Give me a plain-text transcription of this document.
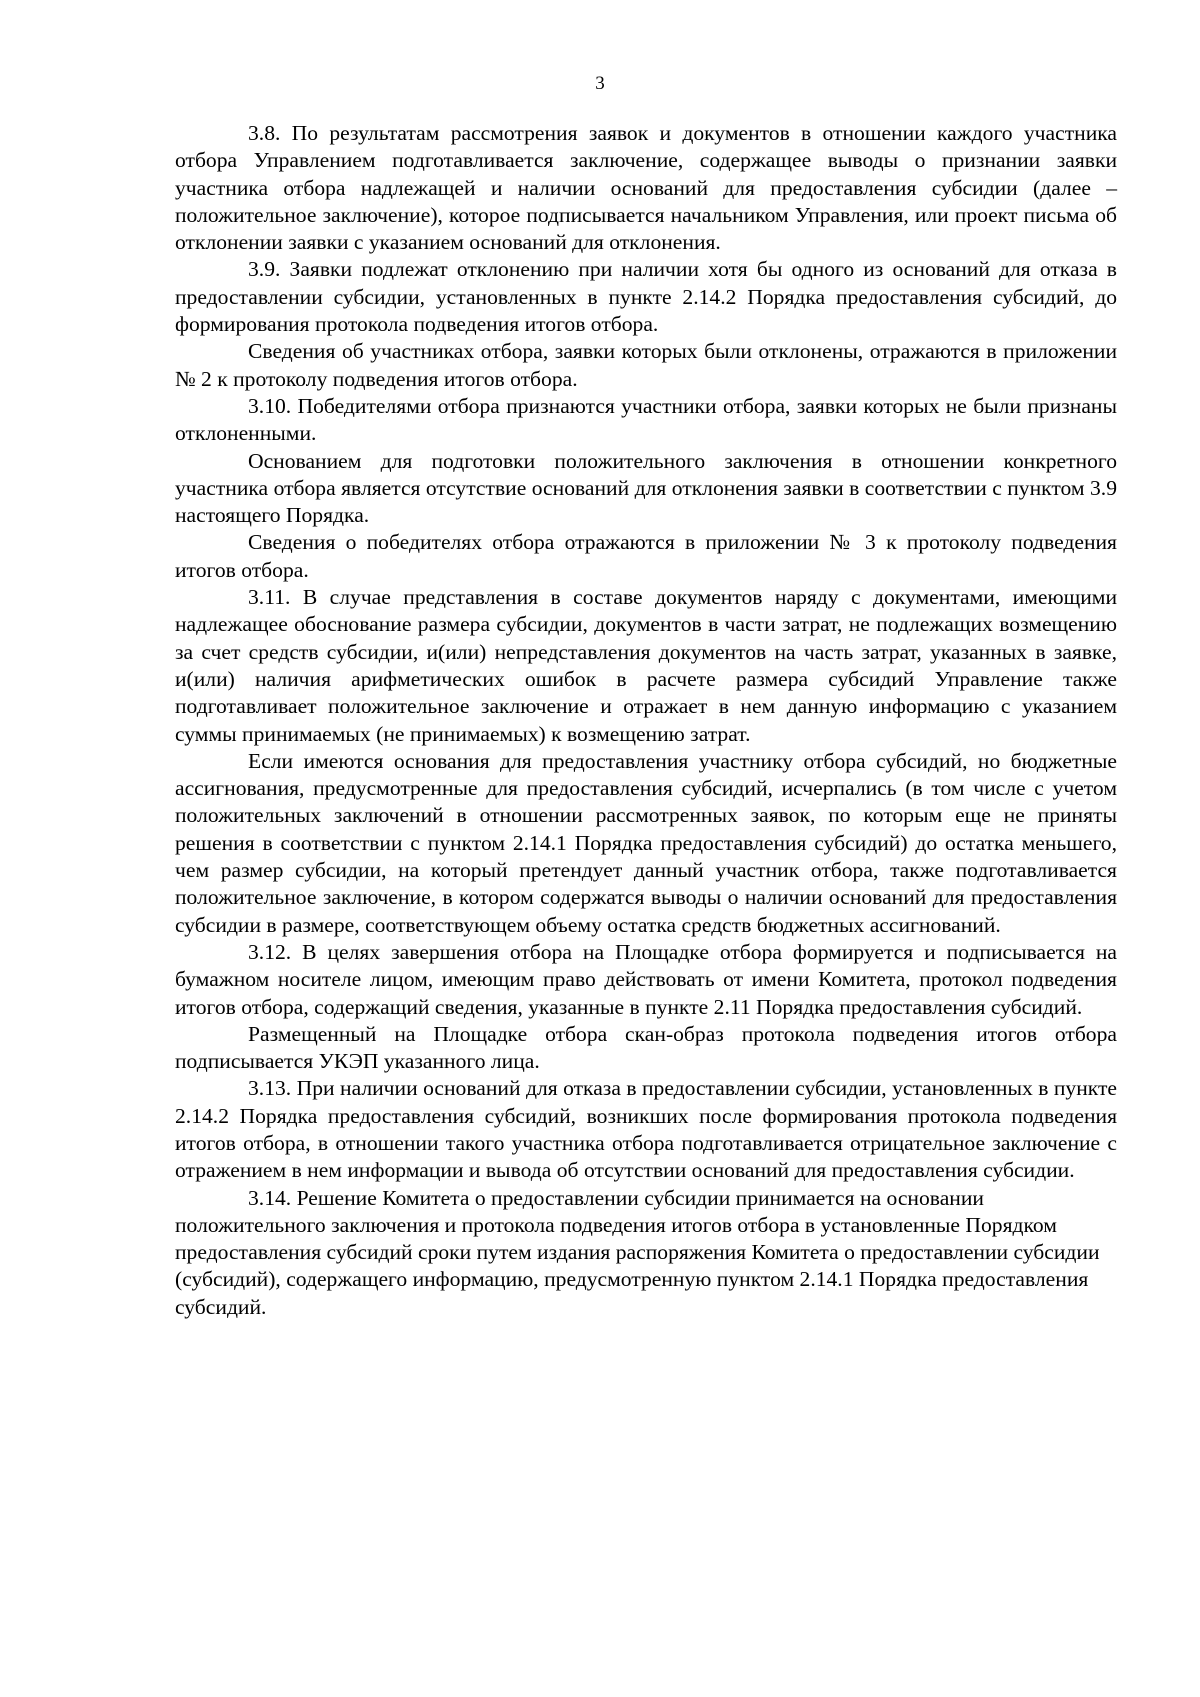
3

3.8. По результатам рассмотрения заявок и документов в отношении каждого участника отбора Управлением подготавливается заключение, содержащее выводы о признании заявки участника отбора надлежащей и наличии оснований для предоставления субсидии (далее – положительное заключение), которое подписывается начальником Управления, или проект письма об отклонении заявки с указанием оснований для отклонения.

3.9. Заявки подлежат отклонению при наличии хотя бы одного из оснований для отказа в предоставлении субсидии, установленных в пункте 2.14.2 Порядка предоставления субсидий, до формирования протокола подведения итогов отбора.

Сведения об участниках отбора, заявки которых были отклонены, отражаются в приложении № 2 к протоколу подведения итогов отбора.

3.10. Победителями отбора признаются участники отбора, заявки которых не были признаны отклоненными.

Основанием для подготовки положительного заключения в отношении конкретного участника отбора является отсутствие оснований для отклонения заявки в соответствии с пунктом 3.9 настоящего Порядка.

Сведения о победителях отбора отражаются в приложении № 3 к протоколу подведения итогов отбора.

3.11. В случае представления в составе документов наряду с документами, имеющими надлежащее обоснование размера субсидии, документов в части затрат, не подлежащих возмещению за счет средств субсидии, и(или) непредставления документов на часть затрат, указанных в заявке, и(или) наличия арифметических ошибок в расчете размера субсидий Управление также подготавливает положительное заключение и отражает в нем данную информацию с указанием суммы принимаемых (не принимаемых) к возмещению затрат.

Если имеются основания для предоставления участнику отбора субсидий, но бюджетные ассигнования, предусмотренные для предоставления субсидий, исчерпались (в том числе с учетом положительных заключений в отношении рассмотренных заявок, по которым еще не приняты решения в соответствии с пунктом 2.14.1 Порядка предоставления субсидий) до остатка меньшего, чем размер субсидии, на который претендует данный участник отбора, также подготавливается положительное заключение, в котором содержатся выводы о наличии оснований для предоставления субсидии в размере, соответствующем объему остатка средств бюджетных ассигнований.

3.12. В целях завершения отбора на Площадке отбора формируется и подписывается на бумажном носителе лицом, имеющим право действовать от имени Комитета, протокол подведения итогов отбора, содержащий сведения, указанные в пункте 2.11 Порядка предоставления субсидий.

Размещенный на Площадке отбора скан-образ протокола подведения итогов отбора подписывается УКЭП указанного лица.

3.13. При наличии оснований для отказа в предоставлении субсидии, установленных в пункте 2.14.2 Порядка предоставления субсидий, возникших после формирования протокола подведения итогов отбора, в отношении такого участника отбора подготавливается отрицательное заключение с отражением в нем информации и вывода об отсутствии оснований для предоставления субсидии.

3.14. Решение Комитета о предоставлении субсидии принимается на основании положительного заключения и протокола подведения итогов отбора в установленные Порядком предоставления субсидий сроки путем издания распоряжения Комитета о предоставлении субсидии (субсидий), содержащего информацию, предусмотренную пунктом 2.14.1 Порядка предоставления субсидий.
